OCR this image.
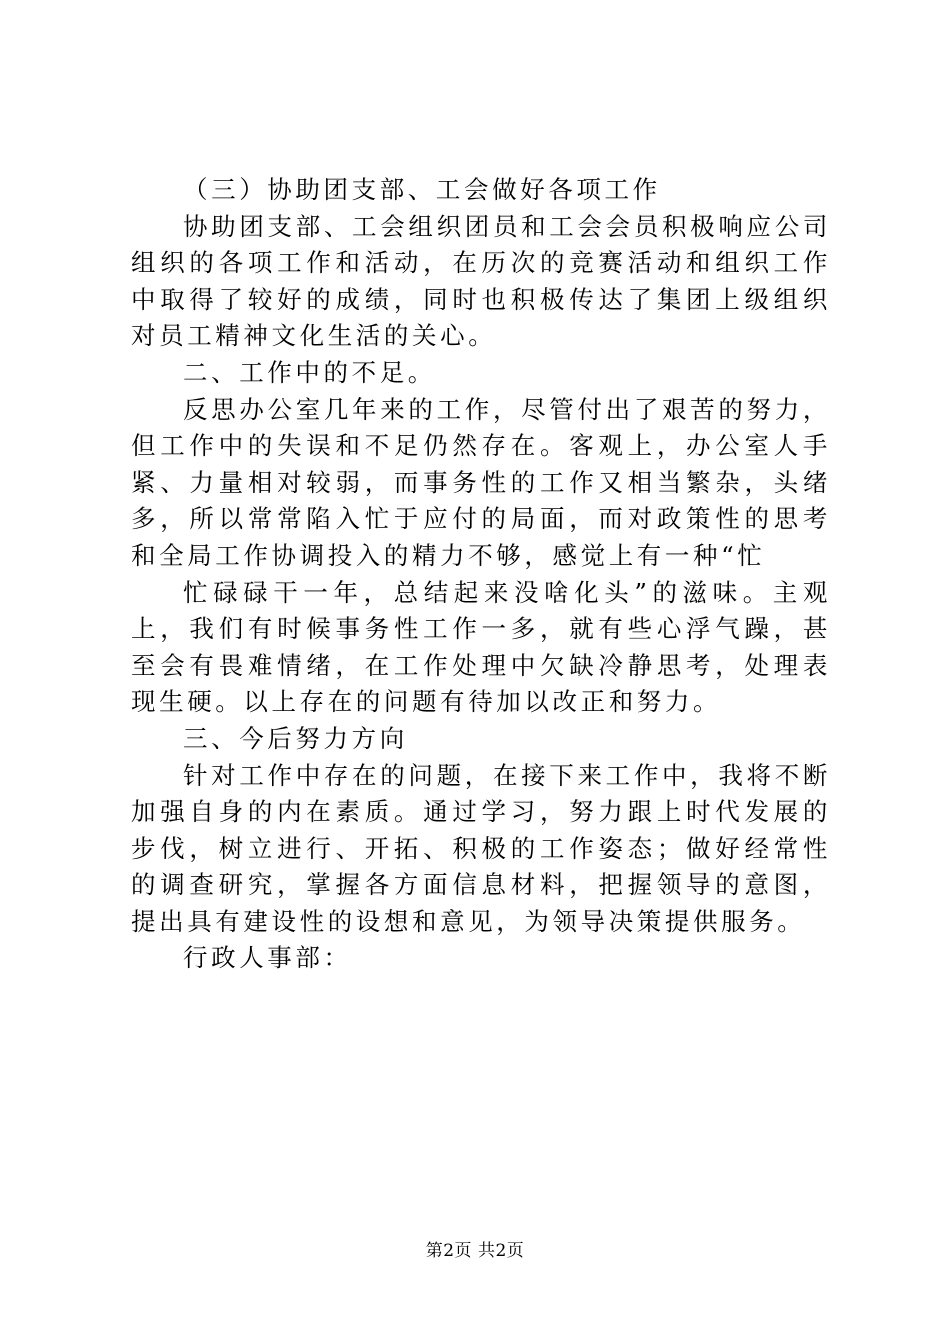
（三）协助团支部、工会做好各项工作

协助团支部、工会组织团员和工会会员积极响应公司组织的各项工作和活动，在历次的竞赛活动和组织工作中取得了较好的成绩，同时也积极传达了集团上级组织对员工精神文化生活的关心。

二、工作中的不足。

反思办公室几年来的工作，尽管付出了艰苦的努力，但工作中的失误和不足仍然存在。客观上，办公室人手紧、力量相对较弱，而事务性的工作又相当繁杂，头绪多，所以常常陷入忙于应付的局面，而对政策性的思考和全局工作协调投入的精力不够，感觉上有一种“忙

忙碌碌干一年，总结起来没啥化头”的滋味。主观上，我们有时候事务性工作一多，就有些心浮气躁，甚至会有畏难情绪，在工作处理中欠缺冷静思考，处理表现生硬。以上存在的问题有待加以改正和努力。

三、今后努力方向

针对工作中存在的问题，在接下来工作中，我将不断加强自身的内在素质。通过学习，努力跟上时代发展的步伐，树立进行、开拓、积极的工作姿态；做好经常性的调查研究，掌握各方面信息材料，把握领导的意图，提出具有建设性的设想和意见，为领导决策提供服务。

行政人事部：

第2页 共2页
